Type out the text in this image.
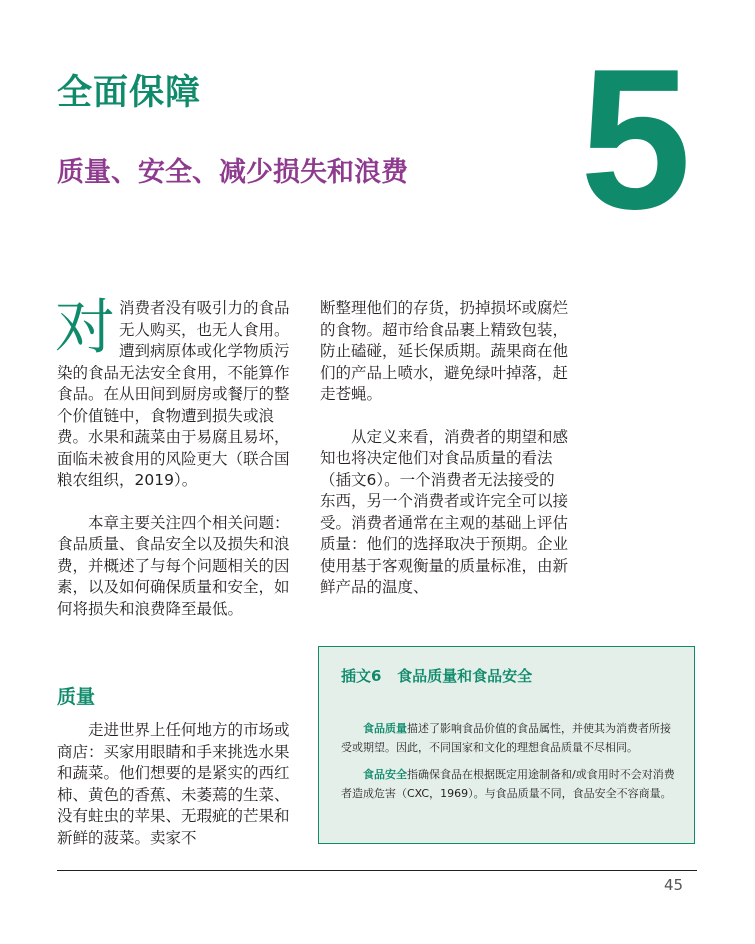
全面保障
质量、安全、减少损失和浪费 5
对 消费者没有吸引力的食品无人购买，也无人食用。遭到病原体或化学物质污染的食品无法安全食用，不能算作食品。在从田间到厨房或餐厅的整个价值链中，食物遭到损失或浪费。水果和蔬菜由于易腐且易坏，面临未被食用的风险更大（联合国粮农组织，2019）。

本章主要关注四个相关问题：食品质量、食品安全以及损失和浪费，并概述了与每个问题相关的因素，以及如何确保质量和安全，如何将损失和浪费降至最低。

断整理他们的存货，扔掉损坏或腐烂的食物。超市给食品裹上精致包装，防止磕碰，延长保质期。蔬果商在他们的产品上喷水，避免绿叶掉落，赶走苍蝇。

从定义来看，消费者的期望和感知也将决定他们对食品质量的看法（插文6）。一个消费者无法接受的东西，另一个消费者或许完全可以接受。消费者通常在主观的基础上评估质量：他们的选择取决于预期。企业使用基于客观衡量的质量标准，由新鲜产品的温度、

质量

走进世界上任何地方的市场或商店：买家用眼睛和手来挑选水果和蔬菜。他们想要的是紧实的西红柿、黄色的香蕉、未萎蔫的生菜、没有蛀虫的苹果、无瑕疵的芒果和新鲜的菠菜。卖家不

插文6   食品质量和食品安全

食品质量描述了影响食品价值的食品属性，并使其为消费者所接受或期望。因此，不同国家和文化的理想食品质量不尽相同。

食品安全指确保食品在根据既定用途制备和/或食用时不会对消费者造成危害（CXC，1969）。与食品质量不同，食品安全不容商量。

45
